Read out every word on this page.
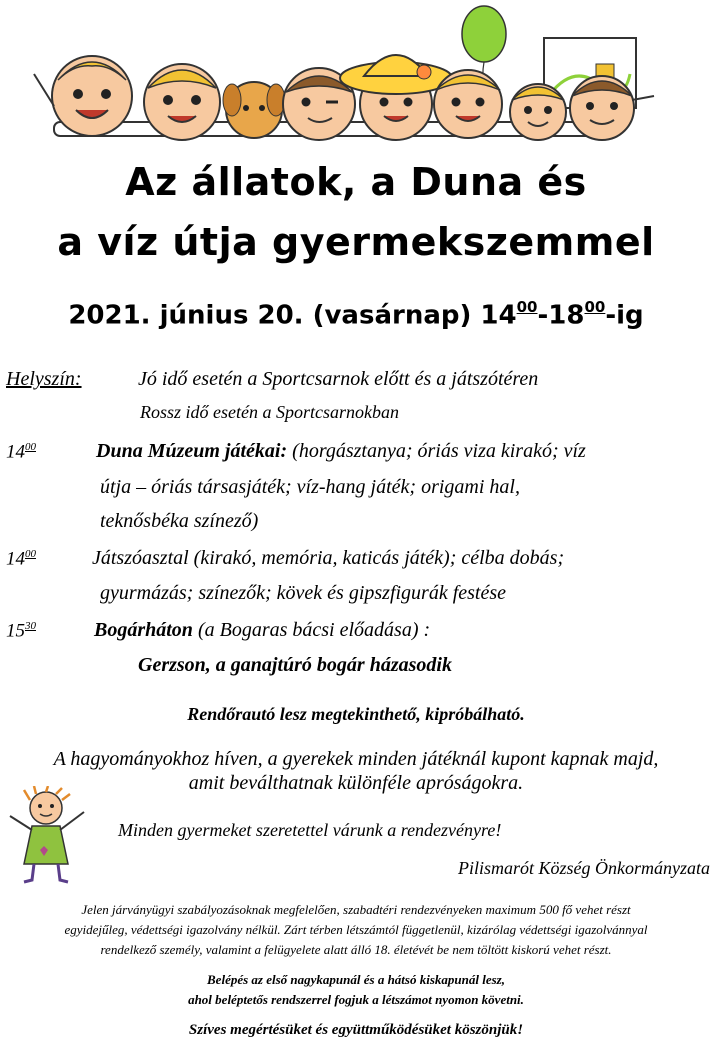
Az állatok, a Duna és
a víz útja gyermekszemmel
2021. június 20. (vasárnap) $14^{00}-18^{00}-ig$
Helyszín:	Jó idő esetén a Sportcsarnok előtt és a játszótéren
Rossz idő esetén a Sportcsarnokban
$14^{00}$	Duna Múzeum játékai: (horgásztanya; óriás viza kirakó; víz
útja – óriás társasjáték; víz-hang játék; origami hal,
teknősbéka színező)
$14^{00}$	Játszóasztal (kirakó, memória, katicás játék); célba dobás;
gyurmázás; színezők; kövek és gipszfigurák festése
$15^{30}$	Bogárháton (a Bogaras bácsi előadása) :
Gerzson, a ganajtúró bogár házasodik
Rendőrautó lesz megtekinthető, kipróbálható.
A hagyományokhoz híven, a gyerekek minden játéknál kupont kapnak majd,
amit beválthatnak különféle apróságokra.
Minden gyermeket szeretettel várunk a rendezvényre!
Pilismarót Község Önkormányzata
Jelen járványügyi szabályozásoknak megfelelően, szabadtéri rendezvényeken maximum 500 fő vehet részt
egyidejűleg, védettségi igazolvány nélkül. Zárt térben létszámtól függetlenül, kizárólag védettségi igazolvánnyal
rendelkező személy, valamint a felügyelete alatt álló 18. életévét be nem töltött kiskorú vehet részt.
Belépés az első nagykapunál és a hátsó kiskapunál lesz,
ahol beléptetős rendszerrel fogjuk a létszámot nyomon követni.
Szíves megértésüket és együttműködésüket köszönjük!
